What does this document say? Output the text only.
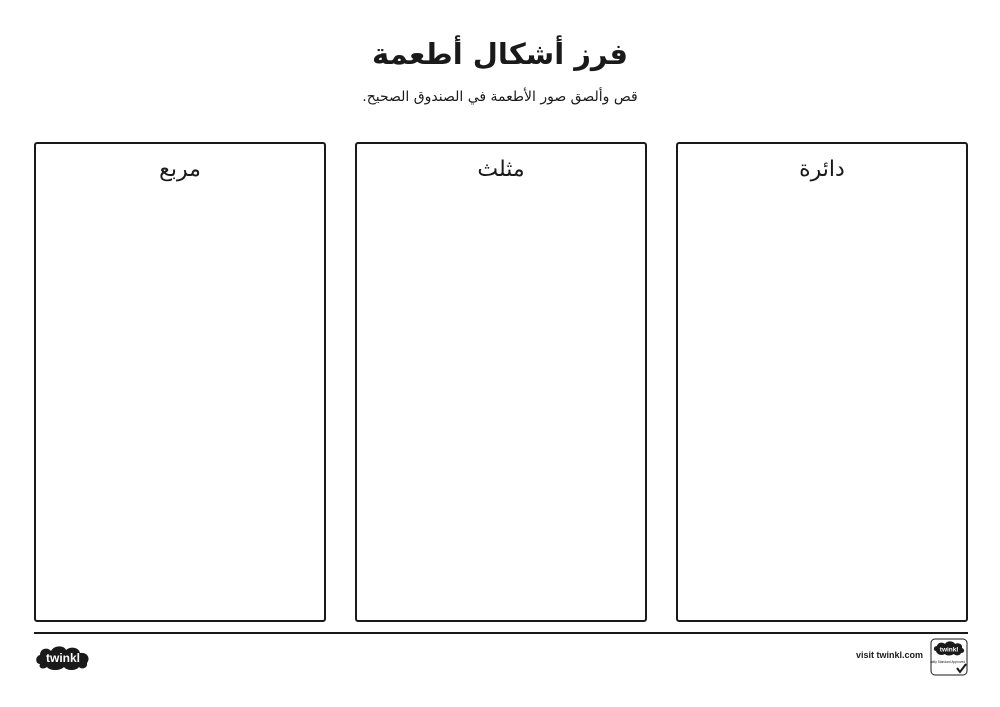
فرز أشكال أطعمة
قص وألصق صور الأطعمة في الصندوق الصحيح.
مربع	مثلث	دائرة
twinkl	visit twinkl.com	twinkl
Quality Standard Approved
